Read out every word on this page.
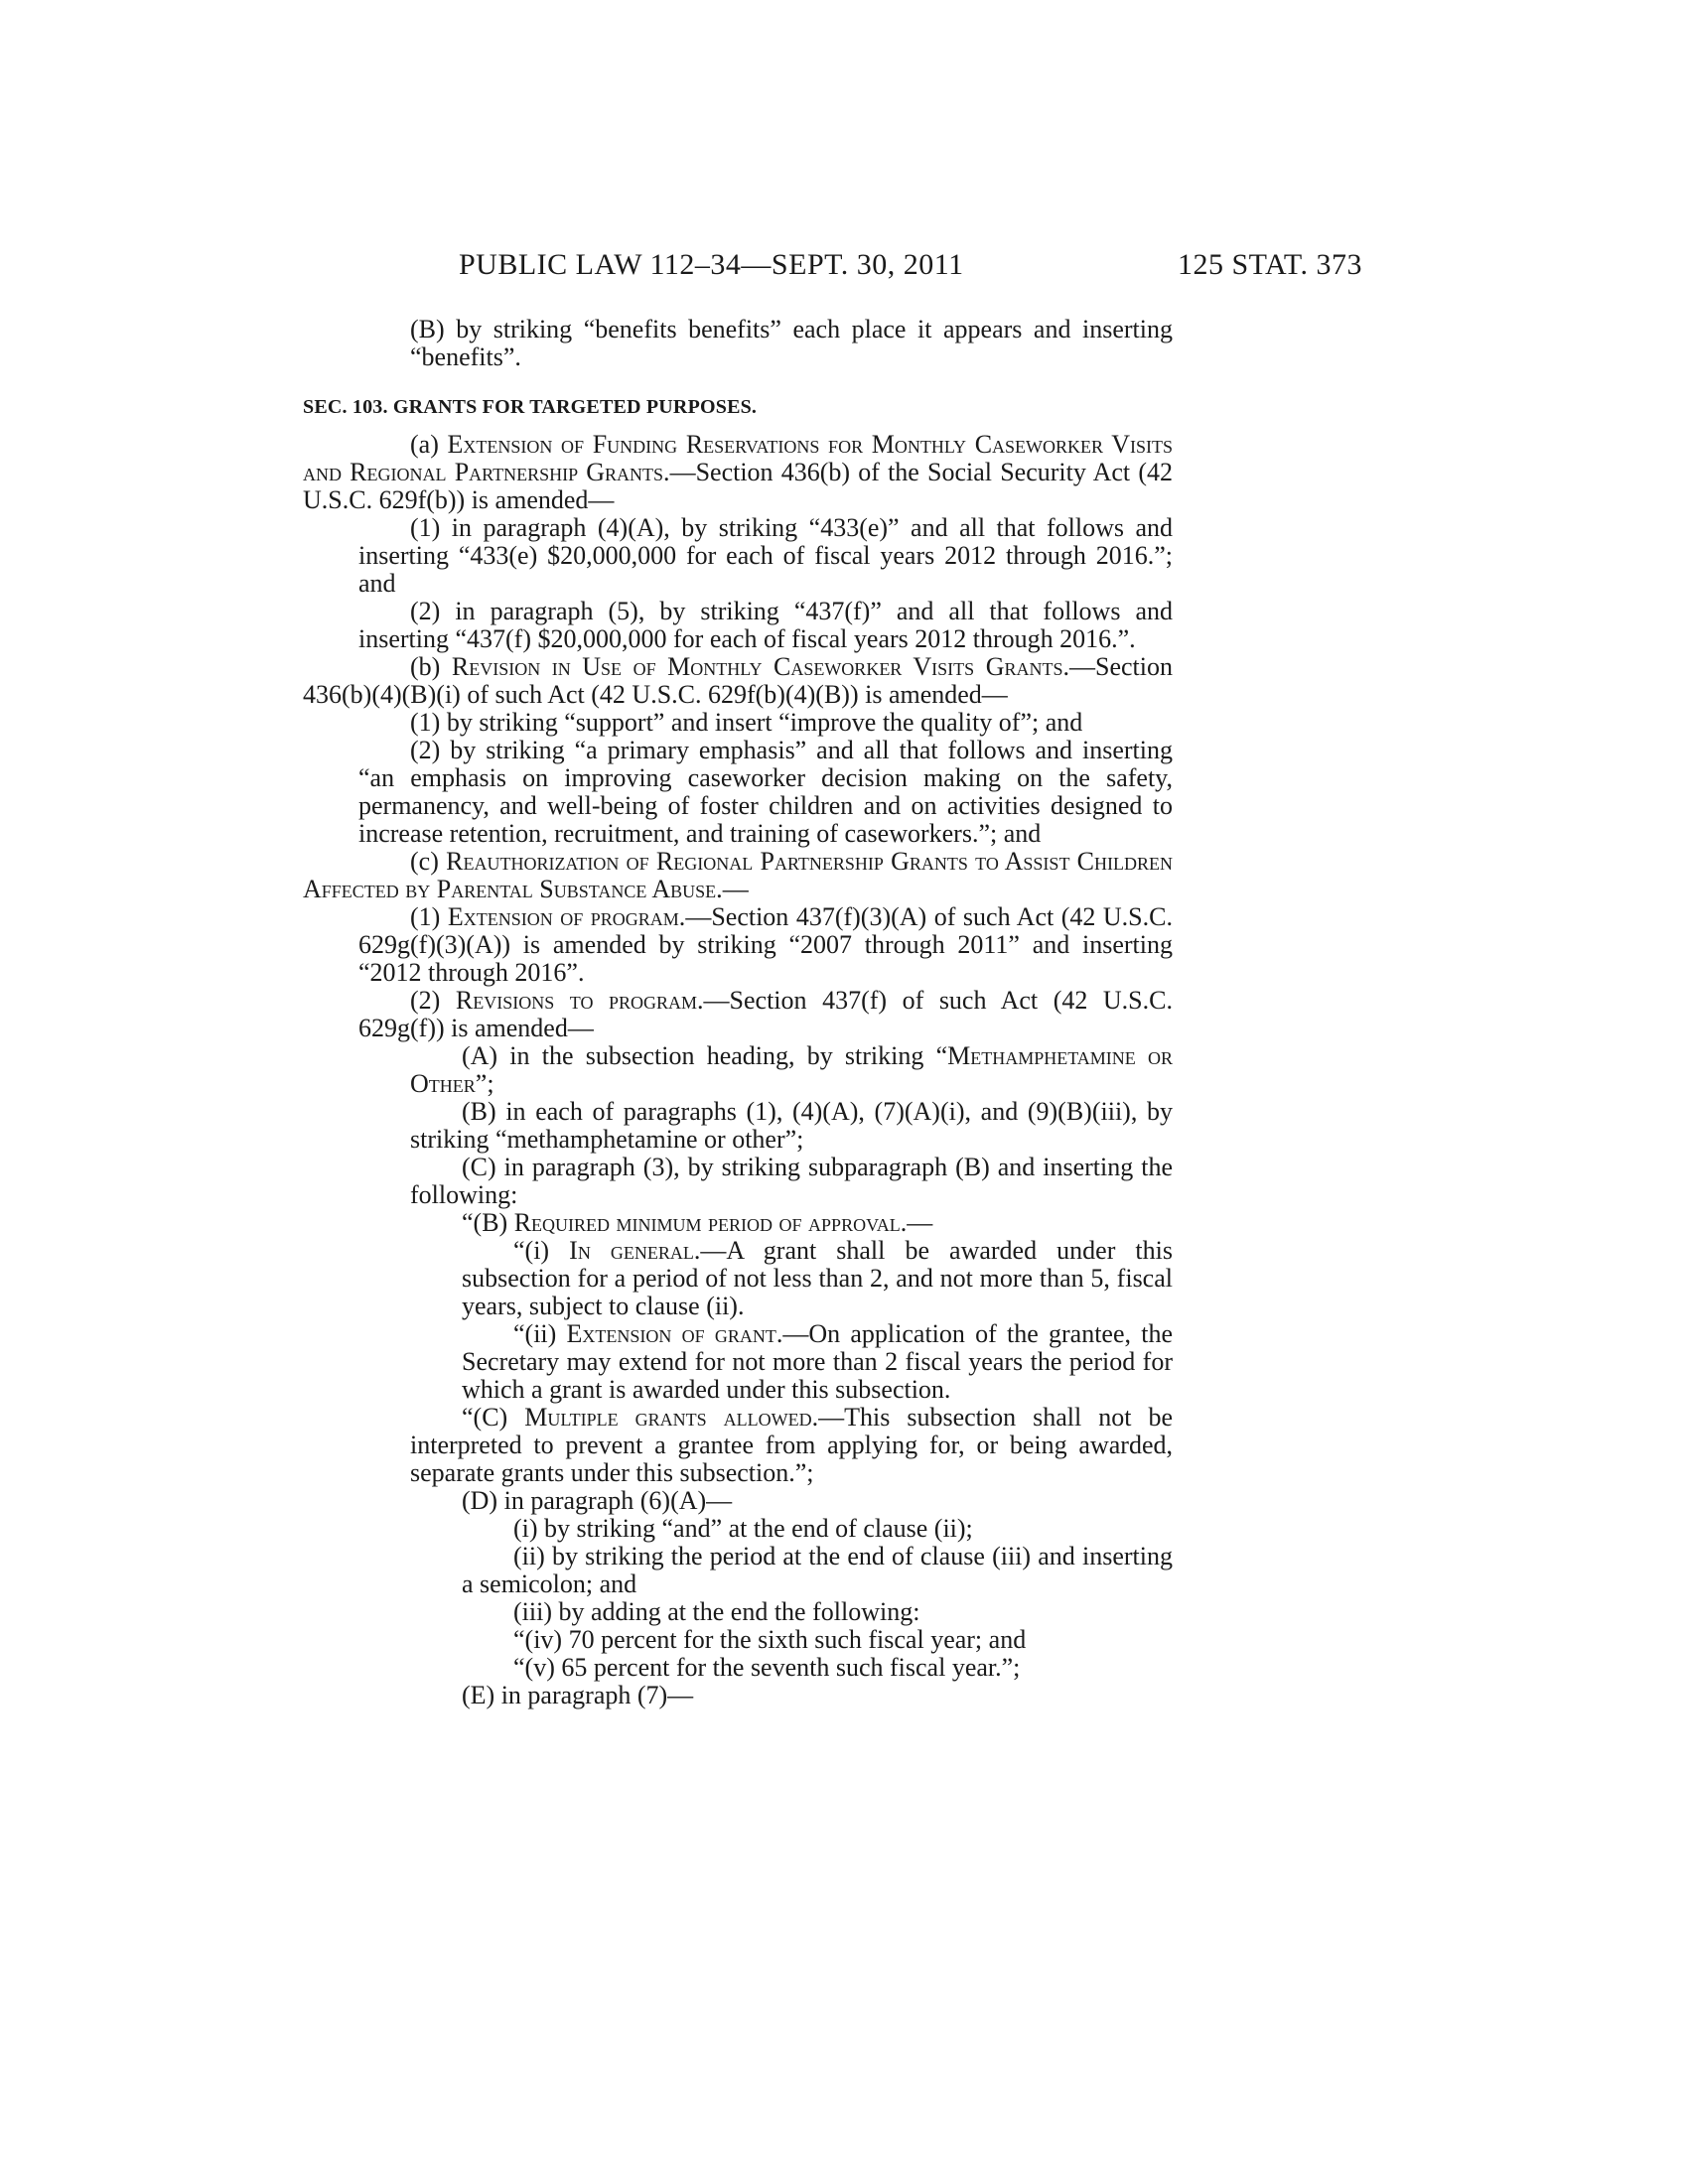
PUBLIC LAW 112–34—SEPT. 30, 2011	125 STAT. 373

(B) by striking “benefits benefits” each place it appears and inserting “benefits”.

SEC. 103. GRANTS FOR TARGETED PURPOSES.

(a) Extension of Funding Reservations for Monthly Caseworker Visits and Regional Partnership Grants.—Section 436(b) of the Social Security Act (42 U.S.C. 629f(b)) is amended—

(1) in paragraph (4)(A), by striking “433(e)” and all that follows and inserting “433(e) $20,000,000 for each of fiscal years 2012 through 2016.”; and

(2) in paragraph (5), by striking “437(f)” and all that follows and inserting “437(f) $20,000,000 for each of fiscal years 2012 through 2016.”.

(b) Revision in Use of Monthly Caseworker Visits Grants.—Section 436(b)(4)(B)(i) of such Act (42 U.S.C. 629f(b)(4)(B)) is amended—

(1) by striking “support” and insert “improve the quality of”; and

(2) by striking “a primary emphasis” and all that follows and inserting “an emphasis on improving caseworker decision making on the safety, permanency, and well-being of foster children and on activities designed to increase retention, recruitment, and training of caseworkers.”; and

(c) Reauthorization of Regional Partnership Grants to Assist Children Affected by Parental Substance Abuse.—

(1) Extension of program.—Section 437(f)(3)(A) of such Act (42 U.S.C. 629g(f)(3)(A)) is amended by striking “2007 through 2011” and inserting “2012 through 2016”.

(2) Revisions to program.—Section 437(f) of such Act (42 U.S.C. 629g(f)) is amended—

(A) in the subsection heading, by striking “Methamphetamine or Other”;

(B) in each of paragraphs (1), (4)(A), (7)(A)(i), and (9)(B)(iii), by striking “methamphetamine or other”;

(C) in paragraph (3), by striking subparagraph (B) and inserting the following:

“(B) Required minimum period of approval.—

“(i) In general.—A grant shall be awarded under this subsection for a period of not less than 2, and not more than 5, fiscal years, subject to clause (ii).

“(ii) Extension of grant.—On application of the grantee, the Secretary may extend for not more than 2 fiscal years the period for which a grant is awarded under this subsection.

“(C) Multiple grants allowed.—This subsection shall not be interpreted to prevent a grantee from applying for, or being awarded, separate grants under this subsection.”;

(D) in paragraph (6)(A)—

(i) by striking “and” at the end of clause (ii);

(ii) by striking the period at the end of clause (iii) and inserting a semicolon; and

(iii) by adding at the end the following:

“(iv) 70 percent for the sixth such fiscal year; and

“(v) 65 percent for the seventh such fiscal year.”;

(E) in paragraph (7)—
